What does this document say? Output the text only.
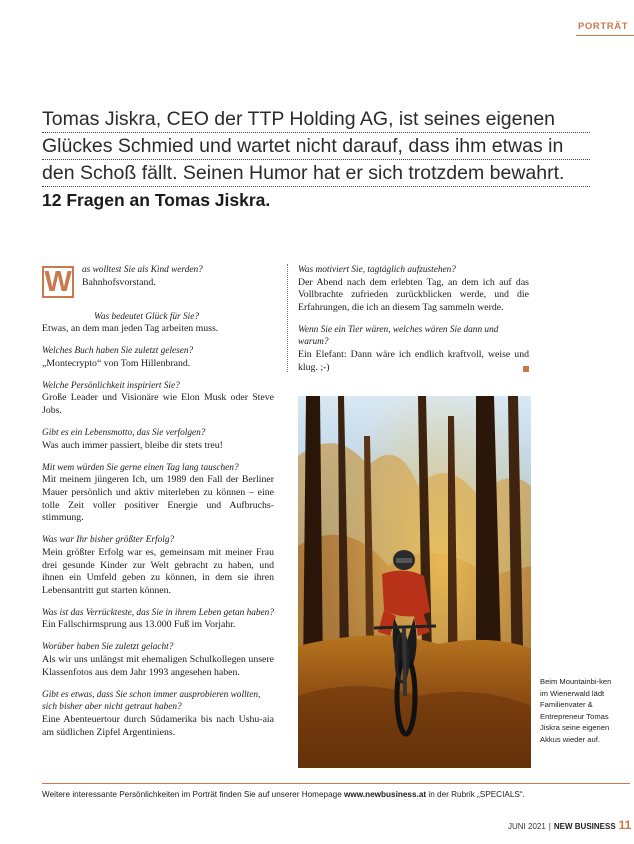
PORTRÄT
Tomas Jiskra, CEO der TTP Holding AG, ist seines eigenen
Glückes Schmied und wartet nicht darauf, dass ihm etwas in
den Schoß fällt. Seinen Humor hat er sich trotzdem bewahrt.
12 Fragen an Tomas Jiskra.
W	as wolltest Sie als Kind werden?
Bahnhofsvorstand.
Was bedeutet Glück für Sie?
Etwas, an dem man jeden Tag arbeiten muss.
Welches Buch haben Sie zuletzt gelesen?
„Montecrypto“ von Tom Hillenbrand.
Welche Persönlichkeit inspiriert Sie?
Große Leader und Visionäre wie Elon Musk oder Steve Jobs.
Gibt es ein Lebensmotto, das Sie verfolgen?
Was auch immer passiert, bleibe dir stets treu!
Mit wem würden Sie gerne einen Tag lang tauschen?
Mit meinem jüngeren Ich, um 1989 den Fall der Berliner Mauer persönlich und aktiv miterleben zu können – eine tolle Zeit voller positiver Energie und Aufbruchs-stimmung.
Was war Ihr bisher größter Erfolg?
Mein größter Erfolg war es, gemeinsam mit meiner Frau drei gesunde Kinder zur Welt gebracht zu haben, und ihnen ein Umfeld geben zu können, in dem sie ihren Lebensantritt gut starten können.
Was ist das Verrückteste, das Sie in ihrem Leben getan haben?
Ein Fallschirmsprung aus 13.000 Fuß im Vorjahr.
Worüber haben Sie zuletzt gelacht?
Als wir uns unlängst mit ehemaligen Schulkollegen unsere Klassenfotos aus dem Jahr 1993 angesehen haben.
Gibt es etwas, dass Sie schon immer ausprobieren wollten, sich bisher aber nicht getraut haben?
Eine Abenteuertour durch Südamerika bis nach Ushu-aia am südlichen Zipfel Argentiniens.
Was motiviert Sie, tagtäglich aufzustehen?
Der Abend nach dem erlebten Tag, an dem ich auf das Vollbrachte zufrieden zurückblicken werde, und die Erfahrungen, die ich an diesem Tag sammeln werde.
Wenn Sie ein Tier wären, welches wären Sie dann und warum?
Ein Elefant: Dann wäre ich endlich kraftvoll, weise und klug. ;-)
Beim Mountainbi-ken im Wienerwald lädt Familienvater & Entrepreneur Tomas Jiskra seine eigenen Akkus wieder auf.
Weitere interessante Persönlichkeiten im Porträt finden Sie auf unserer Homepage www.newbusiness.at in der Rubrik „SPECIALS“.
JUNI 2021 | NEW BUSINESS 11
